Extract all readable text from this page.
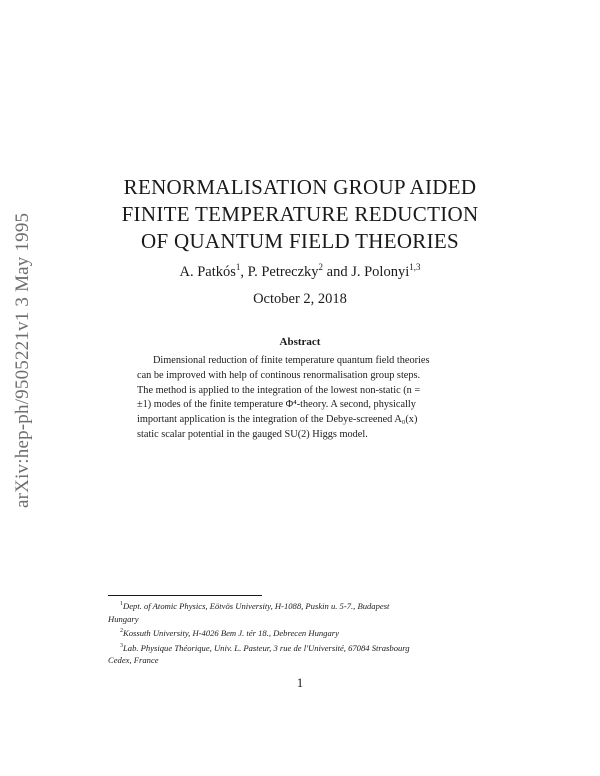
arXiv:hep-ph/9505221v1 3 May 1995
RENORMALISATION GROUP AIDED
FINITE TEMPERATURE REDUCTION
OF QUANTUM FIELD THEORIES
A. Patkós$^1$, P. Petreczky$^2$ and J. Polonyi$^{1,3}$
October 2, 2018
Abstract
Dimensional reduction of finite temperature quantum field theories
can be improved with help of continous renormalisation group steps.
The method is applied to the integration of the lowest non-static (n =
±1) modes of the finite temperature Φ⁴-theory. A second, physically
important application is the integration of the Debye-screened A₀(x)
static scalar potential in the gauged SU(2) Higgs model.
$^1$Dept. of Atomic Physics, Eötvös University, H-1088, Puskin u. 5-7., Budapest
Hungary
$^2$Kossuth University, H-4026 Bem J. tér 18., Debrecen Hungary
$^3$Lab. Physique Théorique, Univ. L. Pasteur, 3 rue de l'Université, 67084 Strasbourg
Cedex, France
1
